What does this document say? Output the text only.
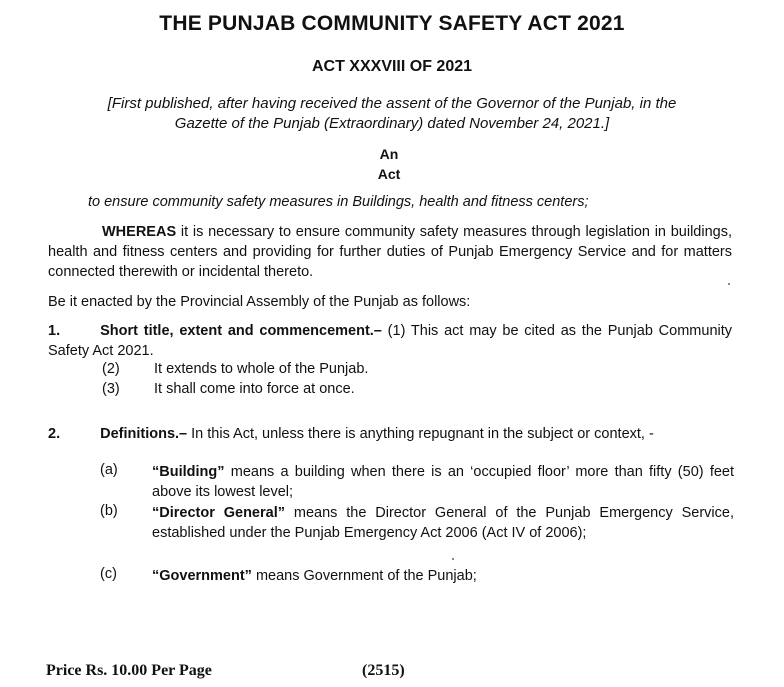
THE PUNJAB COMMUNITY SAFETY ACT 2021
ACT XXXVIII OF 2021
[First published, after having received the assent of the Governor of the Punjab, in the
Gazette of the Punjab (Extraordinary) dated November 24, 2021.]
An
Act
to ensure community safety measures in Buildings, health and fitness centers;
WHEREAS it is necessary to ensure community safety measures through legislation in buildings, health and fitness centers and providing for further duties of Punjab Emergency Service and for matters connected therewith or incidental thereto.
Be it enacted by the Provincial Assembly of the Punjab as follows:
1.	Short title, extent and commencement.– (1) This act may be cited as the Punjab Community Safety Act 2021.
(2) It extends to whole of the Punjab.
(3) It shall come into force at once.
2.	Definitions.– In this Act, unless there is anything repugnant in the subject or context, -
(a) “Building” means a building when there is an ‘occupied floor’ more than fifty (50) feet above its lowest level;
(b) “Director General” means the Director General of the Punjab Emergency Service, established under the Punjab Emergency Act 2006 (Act IV of 2006);
(c) “Government” means Government of the Punjab;
Price Rs. 10.00 Per Page	(2515)
